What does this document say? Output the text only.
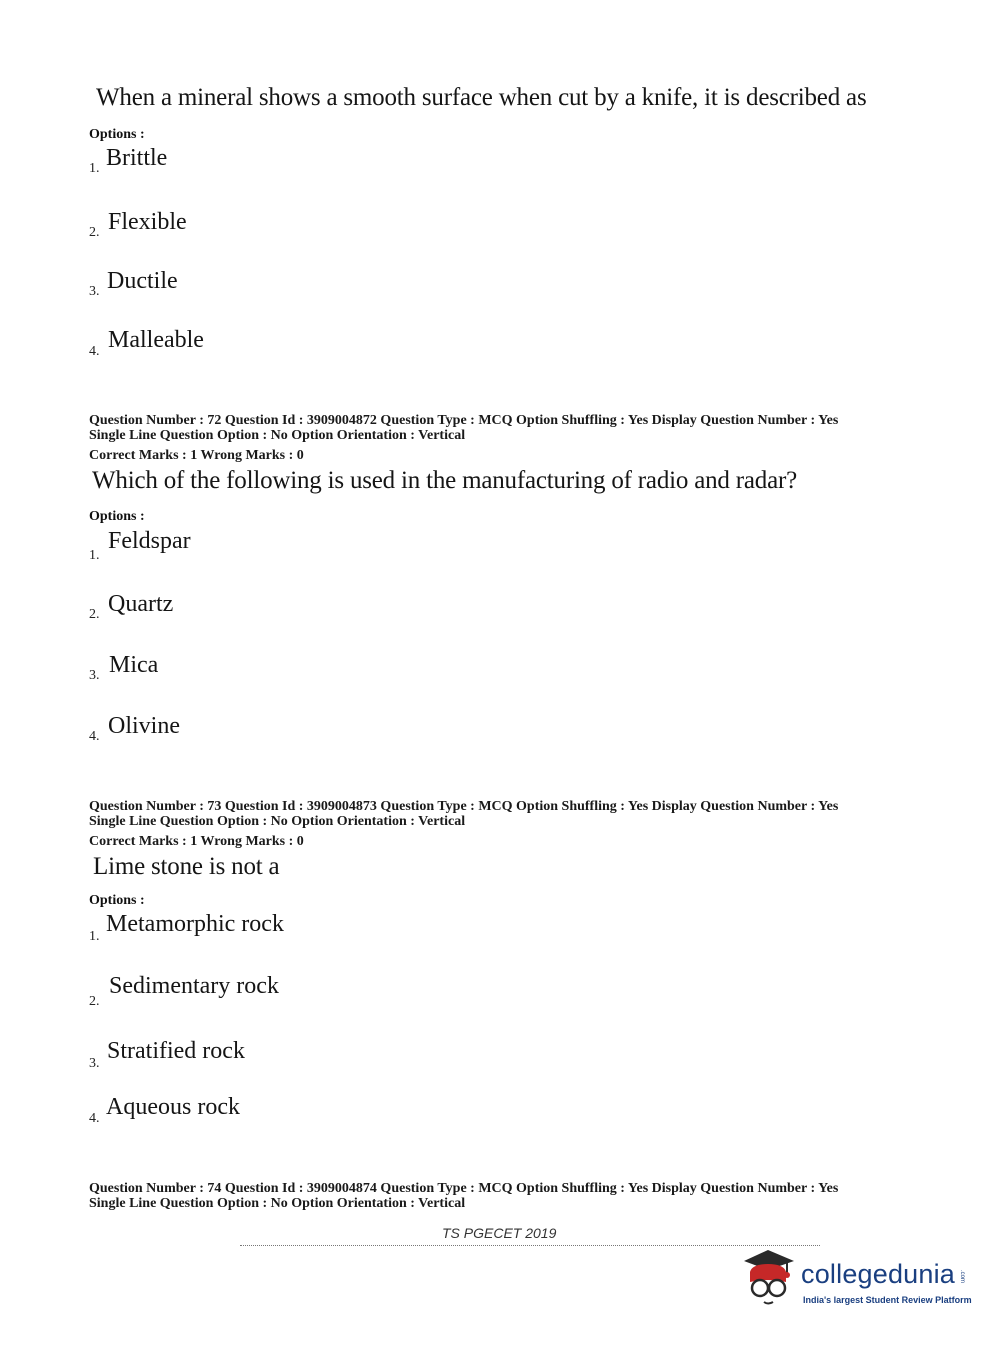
When a mineral shows a smooth surface when cut by a knife, it is described as
Options :
1. Brittle
2. Flexible
3. Ductile
4. Malleable
Question Number : 72 Question Id : 3909004872 Question Type : MCQ Option Shuffling : Yes Display Question Number : Yes
Single Line Question Option : No Option Orientation : Vertical
Correct Marks : 1 Wrong Marks : 0
Which of the following is used in the manufacturing of radio and radar?
Options :
1.
Feldspar
2. Quartz
3. Mica
4. Olivine
Question Number : 73 Question Id : 3909004873 Question Type : MCQ Option Shuffling : Yes Display Question Number : Yes
Single Line Question Option : No Option Orientation : Vertical
Correct Marks : 1 Wrong Marks : 0
Lime stone is not a
Options :
1. Metamorphic rock
2.
Sedimentary rock
3. Stratified rock
4. Aqueous rock
Question Number : 74 Question Id : 3909004874 Question Type : MCQ Option Shuffling : Yes Display Question Number : Yes
Single Line Question Option : No Option Orientation : Vertical
TS PGECET 2019
collegedunia .com
India's largest Student Review Platform
